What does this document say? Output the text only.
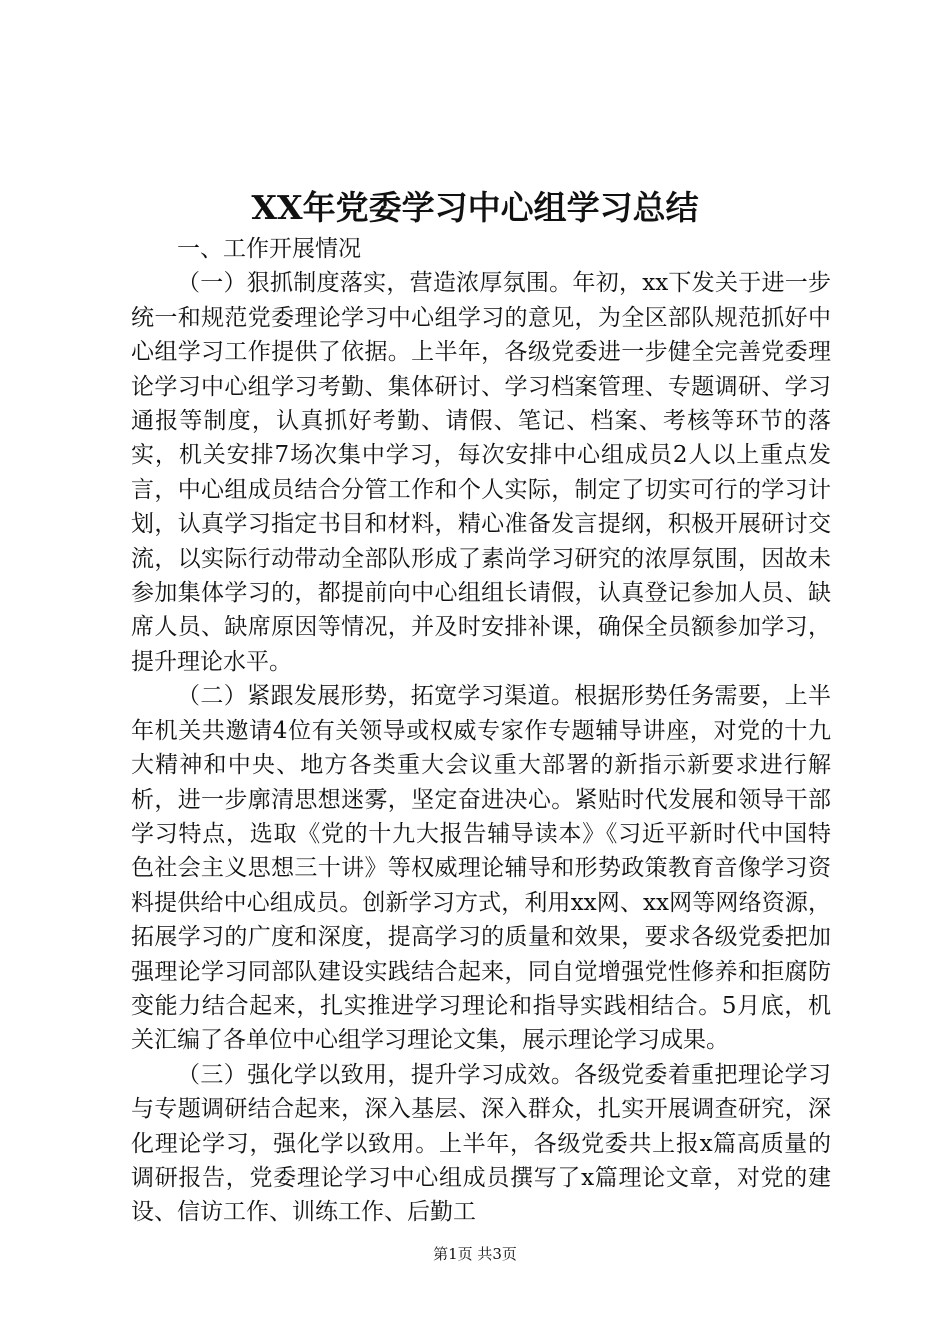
XX年党委学习中心组学习总结

一、工作开展情况

（一）狠抓制度落实，营造浓厚氛围。年初，xx下发关于进一步统一和规范党委理论学习中心组学习的意见，为全区部队规范抓好中心组学习工作提供了依据。上半年，各级党委进一步健全完善党委理论学习中心组学习考勤、集体研讨、学习档案管理、专题调研、学习通报等制度，认真抓好考勤、请假、笔记、档案、考核等环节的落实，机关安排7场次集中学习，每次安排中心组成员2人以上重点发言，中心组成员结合分管工作和个人实际，制定了切实可行的学习计划，认真学习指定书目和材料，精心准备发言提纲，积极开展研讨交流，以实际行动带动全部队形成了素尚学习研究的浓厚氛围，因故未参加集体学习的，都提前向中心组组长请假，认真登记参加人员、缺席人员、缺席原因等情况，并及时安排补课，确保全员额参加学习，提升理论水平。

（二）紧跟发展形势，拓宽学习渠道。根据形势任务需要，上半年机关共邀请4位有关领导或权威专家作专题辅导讲座，对党的十九大精神和中央、地方各类重大会议重大部署的新指示新要求进行解析，进一步廓清思想迷雾，坚定奋进决心。紧贴时代发展和领导干部学习特点，选取《党的十九大报告辅导读本》《习近平新时代中国特色社会主义思想三十讲》等权威理论辅导和形势政策教育音像学习资料提供给中心组成员。创新学习方式，利用xx网、xx网等网络资源，拓展学习的广度和深度，提高学习的质量和效果，要求各级党委把加强理论学习同部队建设实践结合起来，同自觉增强党性修养和拒腐防变能力结合起来，扎实推进学习理论和指导实践相结合。5月底，机关汇编了各单位中心组学习理论文集，展示理论学习成果。

（三）强化学以致用，提升学习成效。各级党委着重把理论学习与专题调研结合起来，深入基层、深入群众，扎实开展调查研究，深化理论学习，强化学以致用。上半年，各级党委共上报x篇高质量的调研报告，党委理论学习中心组成员撰写了x篇理论文章，对党的建设、信访工作、训练工作、后勤工

第1页 共3页
